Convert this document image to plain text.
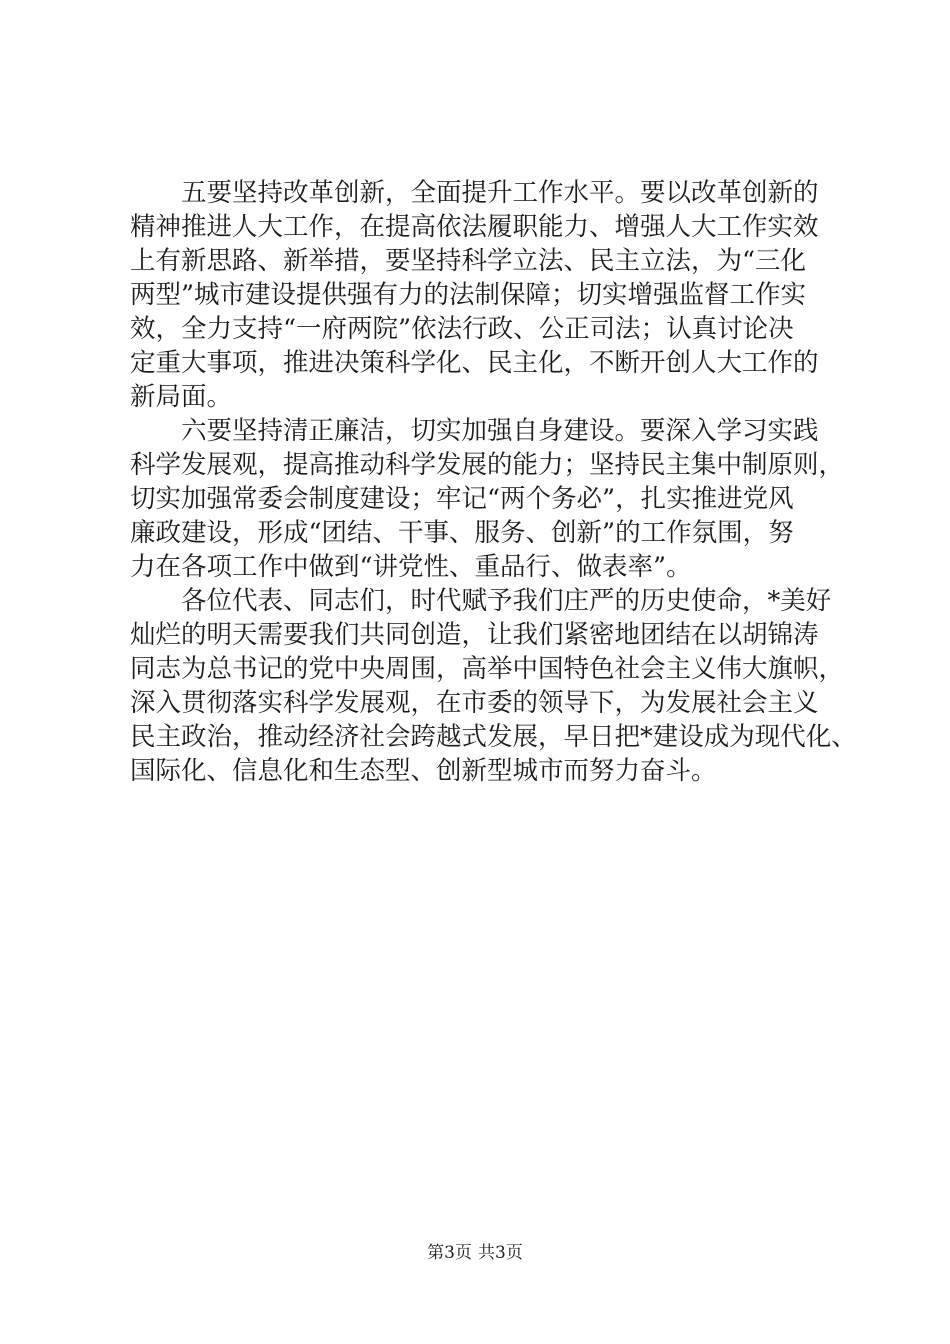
五要坚持改革创新，全面提升工作水平。要以改革创新的
精神推进人大工作，在提高依法履职能力、增强人大工作实效
上有新思路、新举措，要坚持科学立法、民主立法，为“三化
两型”城市建设提供强有力的法制保障；切实增强监督工作实
效，全力支持“一府两院”依法行政、公正司法；认真讨论决
定重大事项，推进决策科学化、民主化，不断开创人大工作的
新局面。
六要坚持清正廉洁，切实加强自身建设。要深入学习实践
科学发展观，提高推动科学发展的能力；坚持民主集中制原则，
切实加强常委会制度建设；牢记“两个务必”，扎实推进党风
廉政建设，形成“团结、干事、服务、创新”的工作氛围，努
力在各项工作中做到“讲党性、重品行、做表率”。
各位代表、同志们，时代赋予我们庄严的历史使命，*美好
灿烂的明天需要我们共同创造，让我们紧密地团结在以胡锦涛
同志为总书记的党中央周围，高举中国特色社会主义伟大旗帜，
深入贯彻落实科学发展观，在市委的领导下，为发展社会主义
民主政治，推动经济社会跨越式发展，早日把*建设成为现代化、
国际化、信息化和生态型、创新型城市而努力奋斗。
第3页 共3页
